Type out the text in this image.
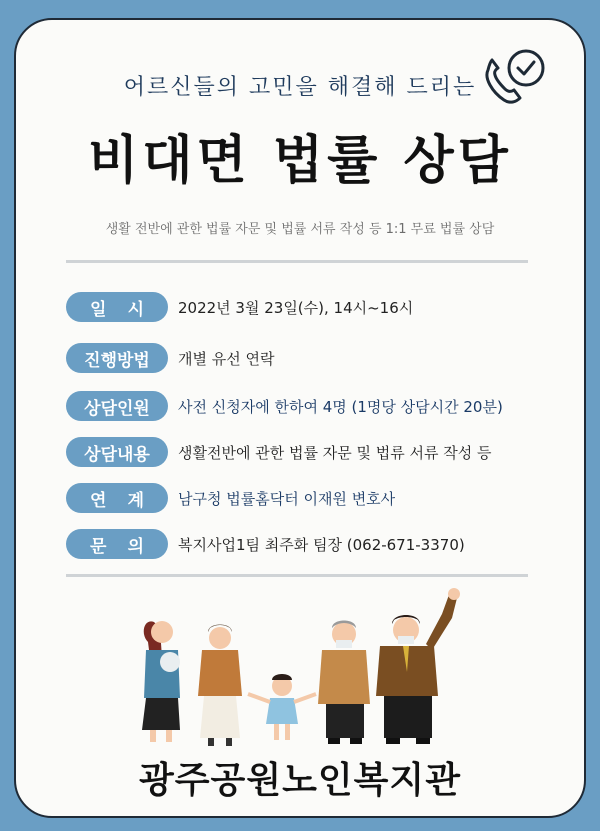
어르신들의 고민을 해결해 드리는
비대면 법률 상담
생활 전반에 관한 법률 자문 및 법률 서류 작성 등 1:1 무료 법률 상담
일 시 2022년 3월 23일(수), 14시~16시
진행방법	개별 유선 연락
상담인원	사전 신청자에 한하여 4명 (1명당 상담시간 20분)
상담내용	생활전반에 관한 법률 자문 및 법류 서류 작성 등
연 계 남구청 법률홈닥터 이재원 변호사
문 의 복지사업1팀 최주화 팀장 (062-671-3370)
광주공원노인복지관
